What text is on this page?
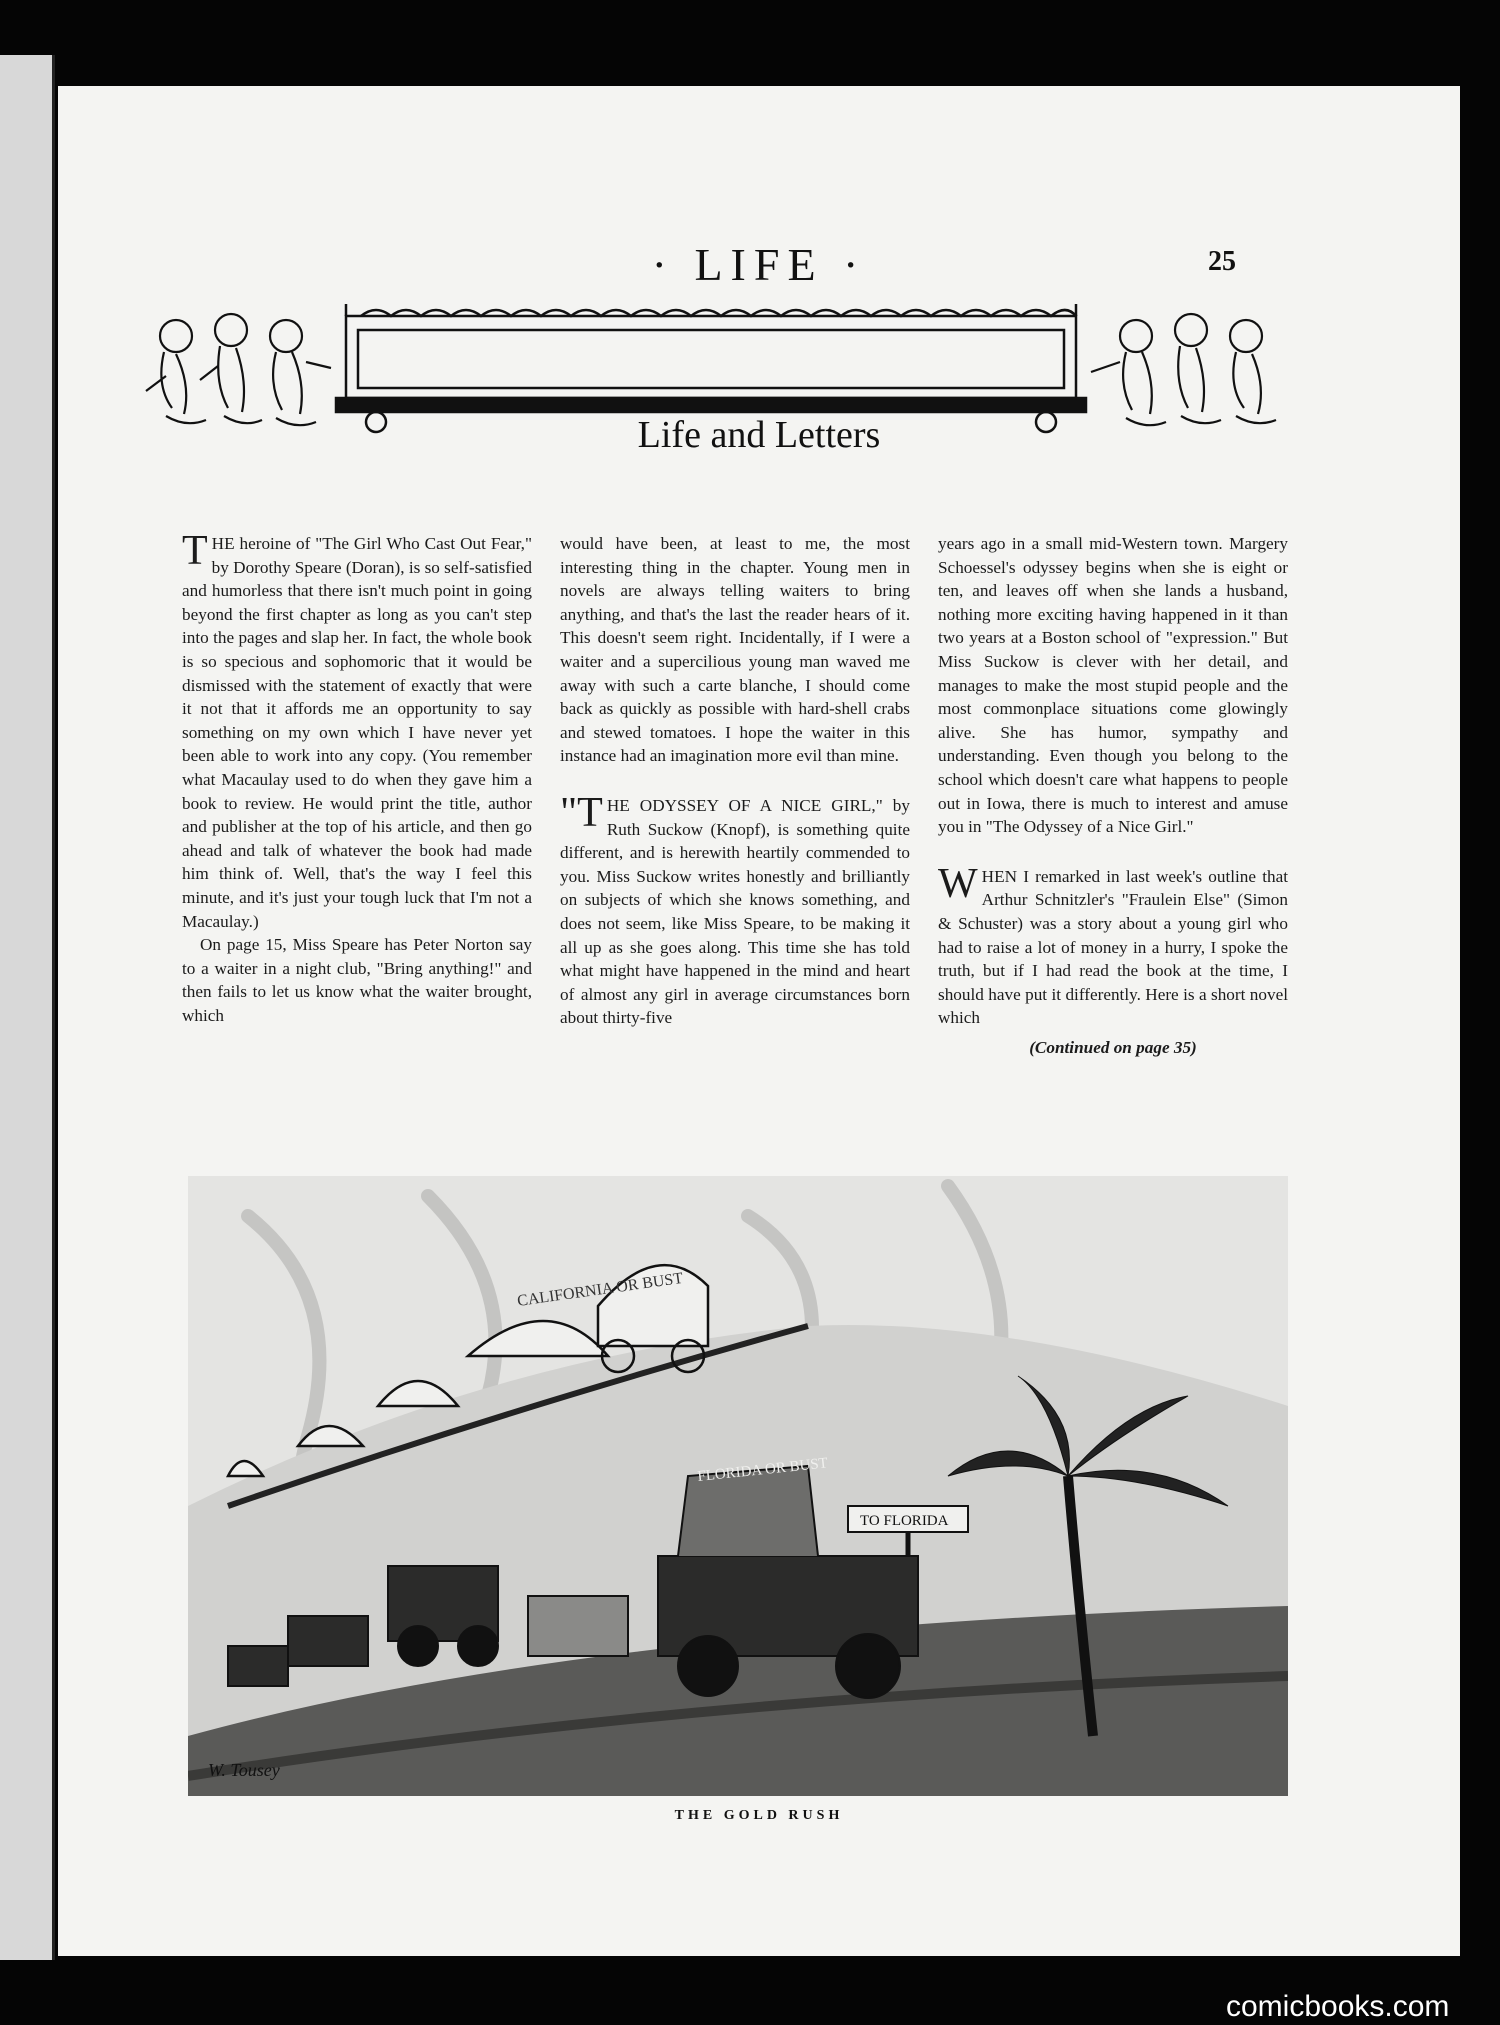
· LIFE ·	25
Life and Letters

THE heroine of "The Girl Who Cast Out Fear," by Dorothy Speare (Doran), is so self-satisfied and humorless that there isn't much point in going beyond the first chapter as long as you can't step into the pages and slap her. In fact, the whole book is so specious and sophomoric that it would be dismissed with the statement of exactly that were it not that it affords me an opportunity to say something on my own which I have never yet been able to work into any copy. (You remember what Macaulay used to do when they gave him a book to review. He would print the title, author and publisher at the top of his article, and then go ahead and talk of whatever the book had made him think of. Well, that's the way I feel this minute, and it's just your tough luck that I'm not a Macaulay.)

On page 15, Miss Speare has Peter Norton say to a waiter in a night club, "Bring anything!" and then fails to let us know what the waiter brought, which

would have been, at least to me, the most interesting thing in the chapter. Young men in novels are always telling waiters to bring anything, and that's the last the reader hears of it. This doesn't seem right. Incidentally, if I were a waiter and a supercilious young man waved me away with such a carte blanche, I should come back as quickly as possible with hard-shell crabs and stewed tomatoes. I hope the waiter in this instance had an imagination more evil than mine.

"THE ODYSSEY OF A NICE GIRL," by Ruth Suckow (Knopf), is something quite different, and is herewith heartily commended to you. Miss Suckow writes honestly and brilliantly on subjects of which she knows something, and does not seem, like Miss Speare, to be making it all up as she goes along. This time she has told what might have happened in the mind and heart of almost any girl in average circumstances born about thirty-five

years ago in a small mid-Western town. Margery Schoessel's odyssey begins when she is eight or ten, and leaves off when she lands a husband, nothing more exciting having happened in it than two years at a Boston school of "expression." But Miss Suckow is clever with her detail, and manages to make the most stupid people and the most commonplace situations come glowingly alive. She has humor, sympathy and understanding. Even though you belong to the school which doesn't care what happens to people out in Iowa, there is much to interest and amuse you in "The Odyssey of a Nice Girl."

WHEN I remarked in last week's outline that Arthur Schnitzler's "Fraulein Else" (Simon & Schuster) was a story about a young girl who had to raise a lot of money in a hurry, I spoke the truth, but if I had read the book at the time, I should have put it differently. Here is a short novel which

(Continued on page 35)
CALIFORNIA OR BUST
TO FLORIDA
FLORIDA OR BUST
W. Tousey
THE GOLD RUSH
comicbooks.com
